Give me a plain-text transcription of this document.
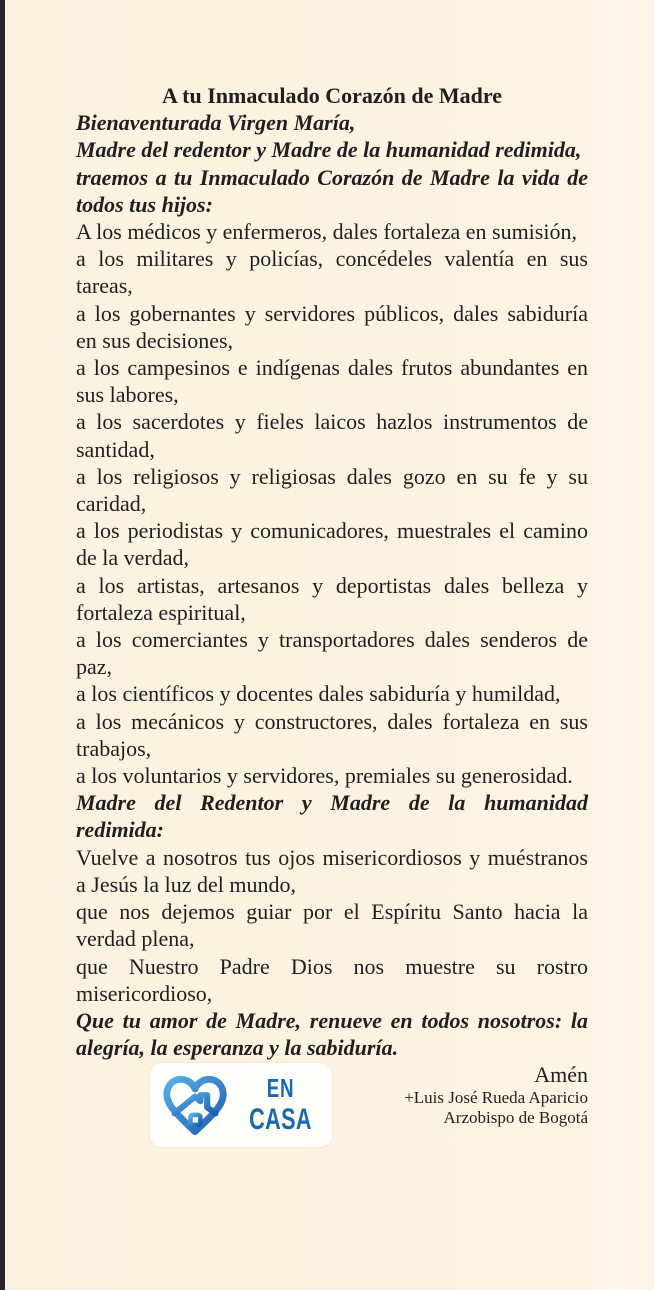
A tu Inmaculado Corazón de Madre

Bienaventurada Virgen María,

Madre del redentor y Madre de la humanidad redimida,

traemos a tu Inmaculado Corazón de Madre la vida de todos tus hijos:

A los médicos y enfermeros, dales fortaleza en sumisión,

a los militares y policías, concédeles valentía en sus tareas,

a los gobernantes y servidores públicos, dales sabiduría en sus decisiones,

a los campesinos e indígenas dales frutos abundantes en sus labores,

a los sacerdotes y fieles laicos hazlos instrumentos de santidad,

a los religiosos y religiosas dales gozo en su fe y su caridad,

a los periodistas y comunicadores, muestrales el camino de la verdad,

a los artistas, artesanos y deportistas dales belleza y fortaleza espiritual,

a los comerciantes y transportadores dales senderos de paz,

a los científicos y docentes dales sabiduría y humildad,

a los mecánicos y constructores, dales fortaleza en sus trabajos,

a los voluntarios y servidores, premiales su generosidad.

Madre del Redentor y Madre de la humanidad redimida:

Vuelve a nosotros tus ojos misericordiosos y muéstranos a Jesús la luz del mundo,

que nos dejemos guiar por el Espíritu Santo hacia la verdad plena,

que Nuestro Padre Dios nos muestre su rostro misericordioso,

Que tu amor de Madre, renueve en todos nosotros: la alegría, la esperanza y la sabiduría.

EN
CASA
Amén
+Luis José Rueda Aparicio
Arzobispo de Bogotá
